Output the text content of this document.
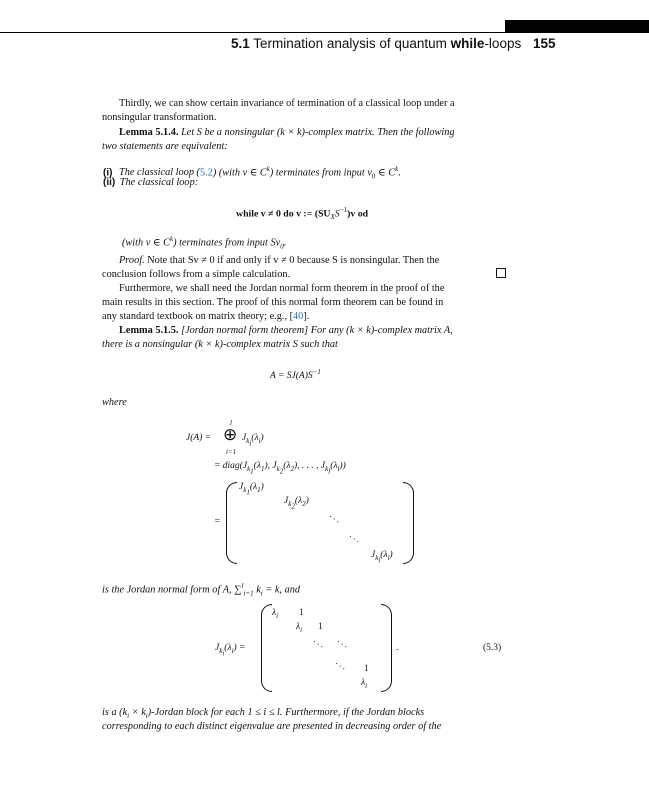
5.1 Termination analysis of quantum while-loops 155
Thirdly, we can show certain invariance of termination of a classical loop under a
nonsingular transformation.
Lemma 5.1.4. Let S be a nonsingular (k × k)-complex matrix. Then the following
two statements are equivalent:
(i) The classical loop (5.2) (with v ∈ $C^k$) terminates from input $v_0$ ∈ $C^k$.
(ii) The classical loop:
while v ≠ 0 do v := $(SU_XS^{-1})v$ od
(with v ∈ $C^k$) terminates from input $Sv_0$.
Proof. Note that Sv ≠ 0 if and only if v ≠ 0 because S is nonsingular. Then the
conclusion follows from a simple calculation.
Furthermore, we shall need the Jordan normal form theorem in the proof of the
main results in this section. The proof of this normal form theorem can be found in
any standard textbook on matrix theory; e.g., [40].
Lemma 5.1.5. [Jordan normal form theorem] For any (k × k)-complex matrix A,
there is a nonsingular (k × k)-complex matrix S such that
$A = SJ(A)S^{-1}$
where
J(A) =
l
⊕
i=1
$J_{k_i}(\lambda_i)$
= $diag(J_{k_1}(\lambda_1)$, $J_{k_2}(\lambda_2)$, . . . , $J_{k_l}(\lambda_l)$)
=
$J_{k_1}(\lambda_1)$
$J_{k_2}(\lambda_2)$
. . .
. . .
$J_{k_l}(\lambda_l)$
is the Jordan normal form of A, ∑$^l_{i=1}$ $k_i = k$, and
$J_{k_i}(\lambda_i)$ =
$\lambda_i$ 1
$\lambda_i$ 1
. . . . . .
. . . 1
$\lambda_i$
.	(5.3)
is a ($k_i$ × $k_i$)-Jordan block for each 1 ≤ i ≤ l. Furthermore, if the Jordan blocks
corresponding to each distinct eigenvalue are presented in decreasing order of the
